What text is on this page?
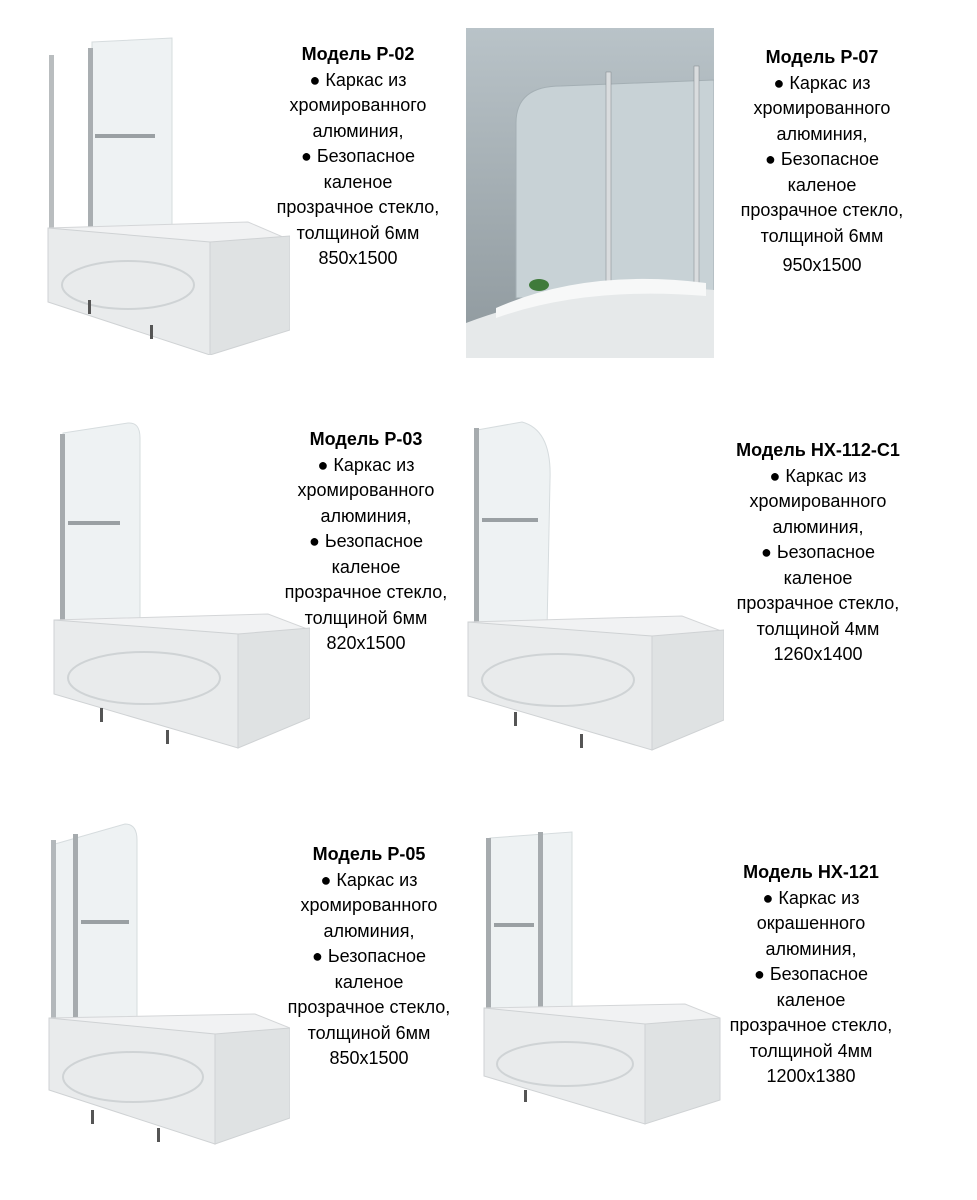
Модель P-02
● Каркас из
хромированного
алюминия,
● Безопасное
каленое
прозрачное стекло,
толщиной 6мм
850x1500
Модель P-07
● Каркас из
хромированного
алюминия,
● Безопасное
каленое
прозрачное стекло,
толщиной 6мм
950x1500
Модель P-03
● Каркас из
хромированного
алюминия,
● Ьезопасное
каленое
прозрачное стекло,
толщиной 6мм
820x1500
Модель HX-112-C1
● Каркас из
хромированного
алюминия,
● Ьезопасное
каленое
прозрачное стекло,
толщиной 4мм
1260x1400
Модель P-05
● Каркас из
хромированного
алюминия,
● Ьезопасное
каленое
прозрачное стекло,
толщиной 6мм
850x1500
Модель HX-121
● Каркас из
окрашенного
алюминия,
● Безопасное
каленое
прозрачное стекло,
толщиной 4мм
1200x1380
